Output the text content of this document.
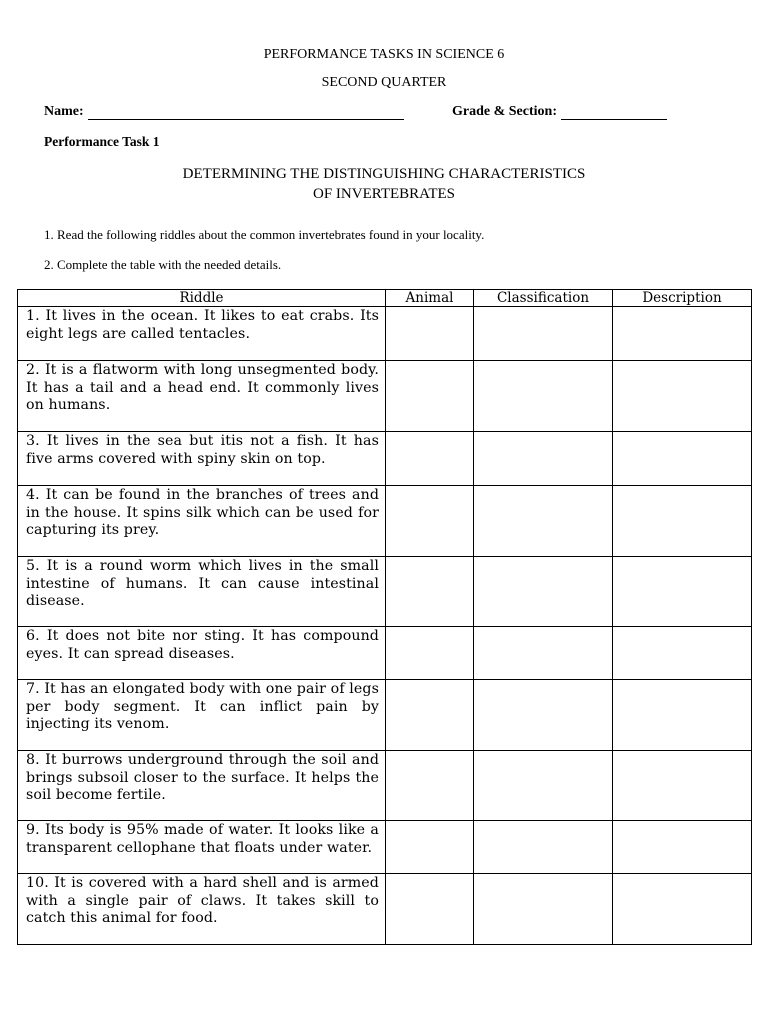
PERFORMANCE TASKS IN SCIENCE 6
SECOND QUARTER
Name:	Grade & Section:
Performance Task 1
DETERMINING THE DISTINGUISHING CHARACTERISTICS
OF INVERTEBRATES
1. Read the following riddles about the common invertebrates found in your locality.
2. Complete the table with the needed details.
Riddle	Animal	Classification	Description
1. It lives in the ocean. It likes to eat crabs. Its eight legs are called tentacles.			
2. It is a flatworm with long unsegmented body. It has a tail and a head end. It commonly lives on humans.			
3. It lives in the sea but itis not a fish. It has five arms covered with spiny skin on top.			
4. It can be found in the branches of trees and in the house. It spins silk which can be used for capturing its prey.			
5. It is a round worm which lives in the small intestine of humans. It can cause intestinal disease.			
6. It does not bite nor sting. It has compound eyes. It can spread diseases.			
7. It has an elongated body with one pair of legs per body segment. It can inflict pain by injecting its venom.			
8. It burrows underground through the soil and brings subsoil closer to the surface. It helps the soil become fertile.			
9. Its body is 95% made of water. It looks like a transparent cellophane that floats under water.			
10. It is covered with a hard shell and is armed with a single pair of claws. It takes skill to catch this animal for food.			
